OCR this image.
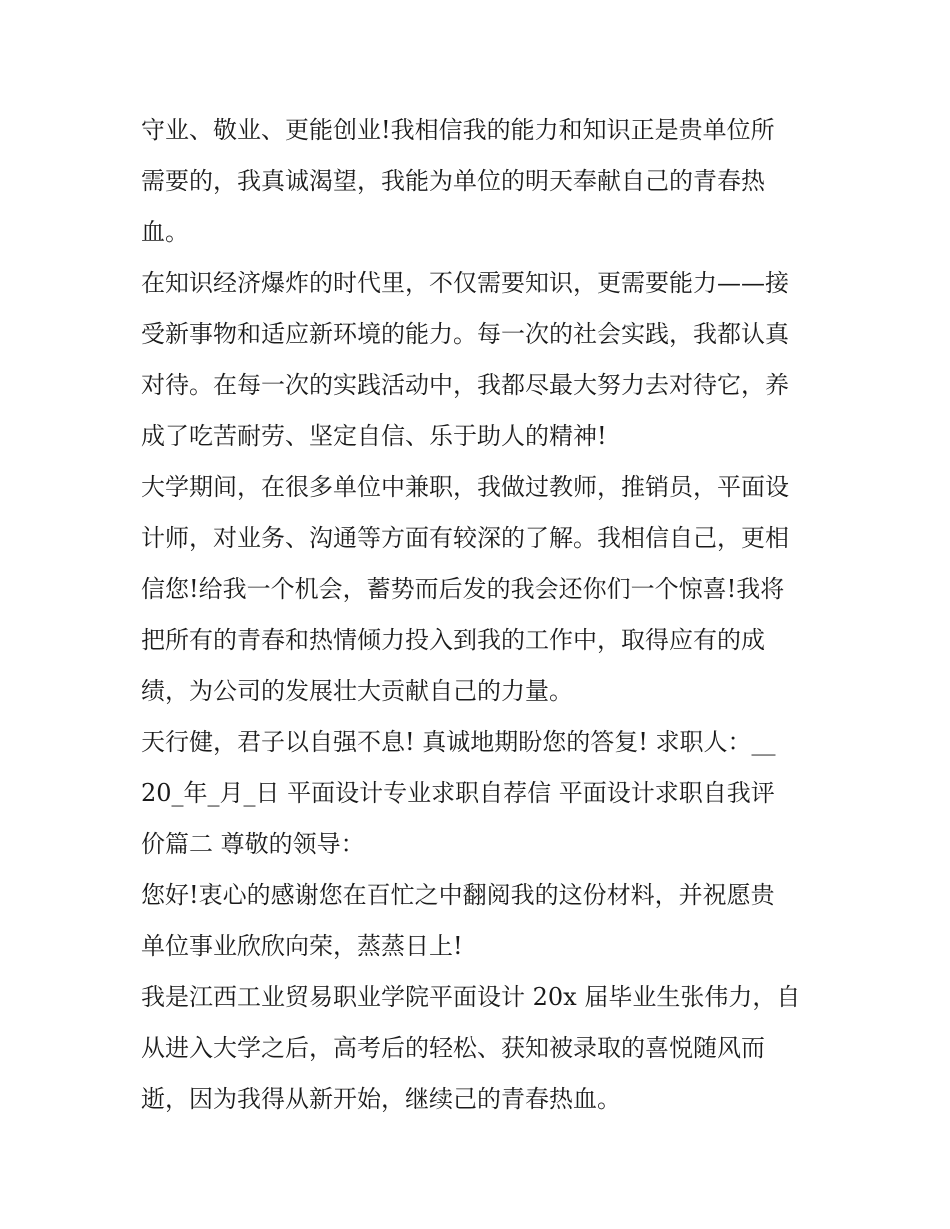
守业、敬业、更能创业!我相信我的能力和知识正是贵单位所
需要的，我真诚渴望，我能为单位的明天奉献自己的青春热
血。
在知识经济爆炸的时代里，不仅需要知识，更需要能力——接
受新事物和适应新环境的能力。每一次的社会实践，我都认真
对待。在每一次的实践活动中，我都尽最大努力去对待它，养
成了吃苦耐劳、坚定自信、乐于助人的精神!
大学期间，在很多单位中兼职，我做过教师，推销员，平面设
计师，对业务、沟通等方面有较深的了解。我相信自己，更相
信您!给我一个机会，蓄势而后发的我会还你们一个惊喜!我将
把所有的青春和热情倾力投入到我的工作中，取得应有的成
绩，为公司的发展壮大贡献自己的力量。
天行健，君子以自强不息! 真诚地期盼您的答复! 求职人：__
20_年_月_日 平面设计专业求职自荐信 平面设计求职自我评
价篇二 尊敬的领导：
您好!衷心的感谢您在百忙之中翻阅我的这份材料，并祝愿贵
单位事业欣欣向荣，蒸蒸日上!
我是江西工业贸易职业学院平面设计 20x 届毕业生张伟力，自
从进入大学之后，高考后的轻松、获知被录取的喜悦随风而
逝，因为我得从新开始，继续己的青春热血。
